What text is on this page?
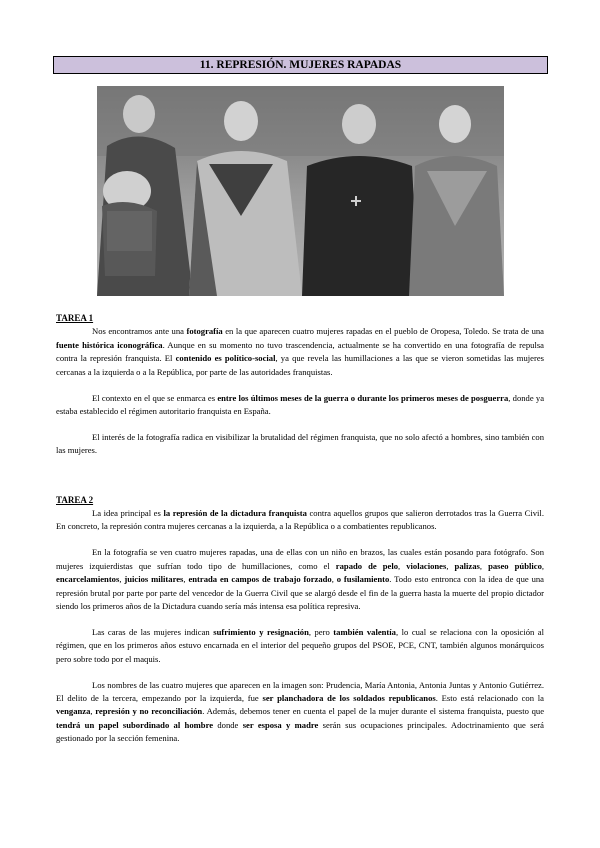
11. REPRESIÓN. MUJERES RAPADAS
TAREA 1

Nos encontramos ante una fotografía en la que aparecen cuatro mujeres rapadas en el pueblo de Oropesa, Toledo. Se trata de una fuente histórica iconográfica. Aunque en su momento no tuvo trascendencia, actualmente se ha convertido en una fotografía de repulsa contra la represión franquista. El contenido es político-social, ya que revela las humillaciones a las que se vieron sometidas las mujeres cercanas a la izquierda o a la República, por parte de las autoridades franquistas.

El contexto en el que se enmarca es entre los últimos meses de la guerra o durante los primeros meses de posguerra, donde ya estaba establecido el régimen autoritario franquista en España.

El interés de la fotografía radica en visibilizar la brutalidad del régimen franquista, que no solo afectó a hombres, sino también con las mujeres.

TAREA 2

La idea principal es la represión de la dictadura franquista contra aquellos grupos que salieron derrotados tras la Guerra Civil. En concreto, la represión contra mujeres cercanas a la izquierda, a la República o a combatientes republicanos.

En la fotografía se ven cuatro mujeres rapadas, una de ellas con un niño en brazos, las cuales están posando para fotógrafo. Son mujeres izquierdistas que sufrían todo tipo de humillaciones, como el rapado de pelo, violaciones, palizas, paseo público, encarcelamientos, juicios militares, entrada en campos de trabajo forzado, o fusilamiento. Todo esto entronca con la idea de que una represión brutal por parte por parte del vencedor de la Guerra Civil que se alargó desde el fin de la guerra hasta la muerte del propio dictador siendo los primeros años de la Dictadura cuando sería más intensa esa política represiva.

Las caras de las mujeres indican sufrimiento y resignación, pero también valentía, lo cual se relaciona con la oposición al régimen, que en los primeros años estuvo encarnada en el interior del pequeño grupos del PSOE, PCE, CNT, también algunos monárquicos pero sobre todo por el maquis.

Los nombres de las cuatro mujeres que aparecen en la imagen son: Prudencia, María Antonia, Antonia Juntas y Antonio Gutiérrez. El delito de la tercera, empezando por la izquierda, fue ser planchadora de los soldados republicanos. Esto está relacionado con la venganza, represión y no reconciliación. Además, debemos tener en cuenta el papel de la mujer durante el sistema franquista, puesto que tendrá un papel subordinado al hombre donde ser esposa y madre serán sus ocupaciones principales. Adoctrinamiento que será gestionado por la sección femenina.
